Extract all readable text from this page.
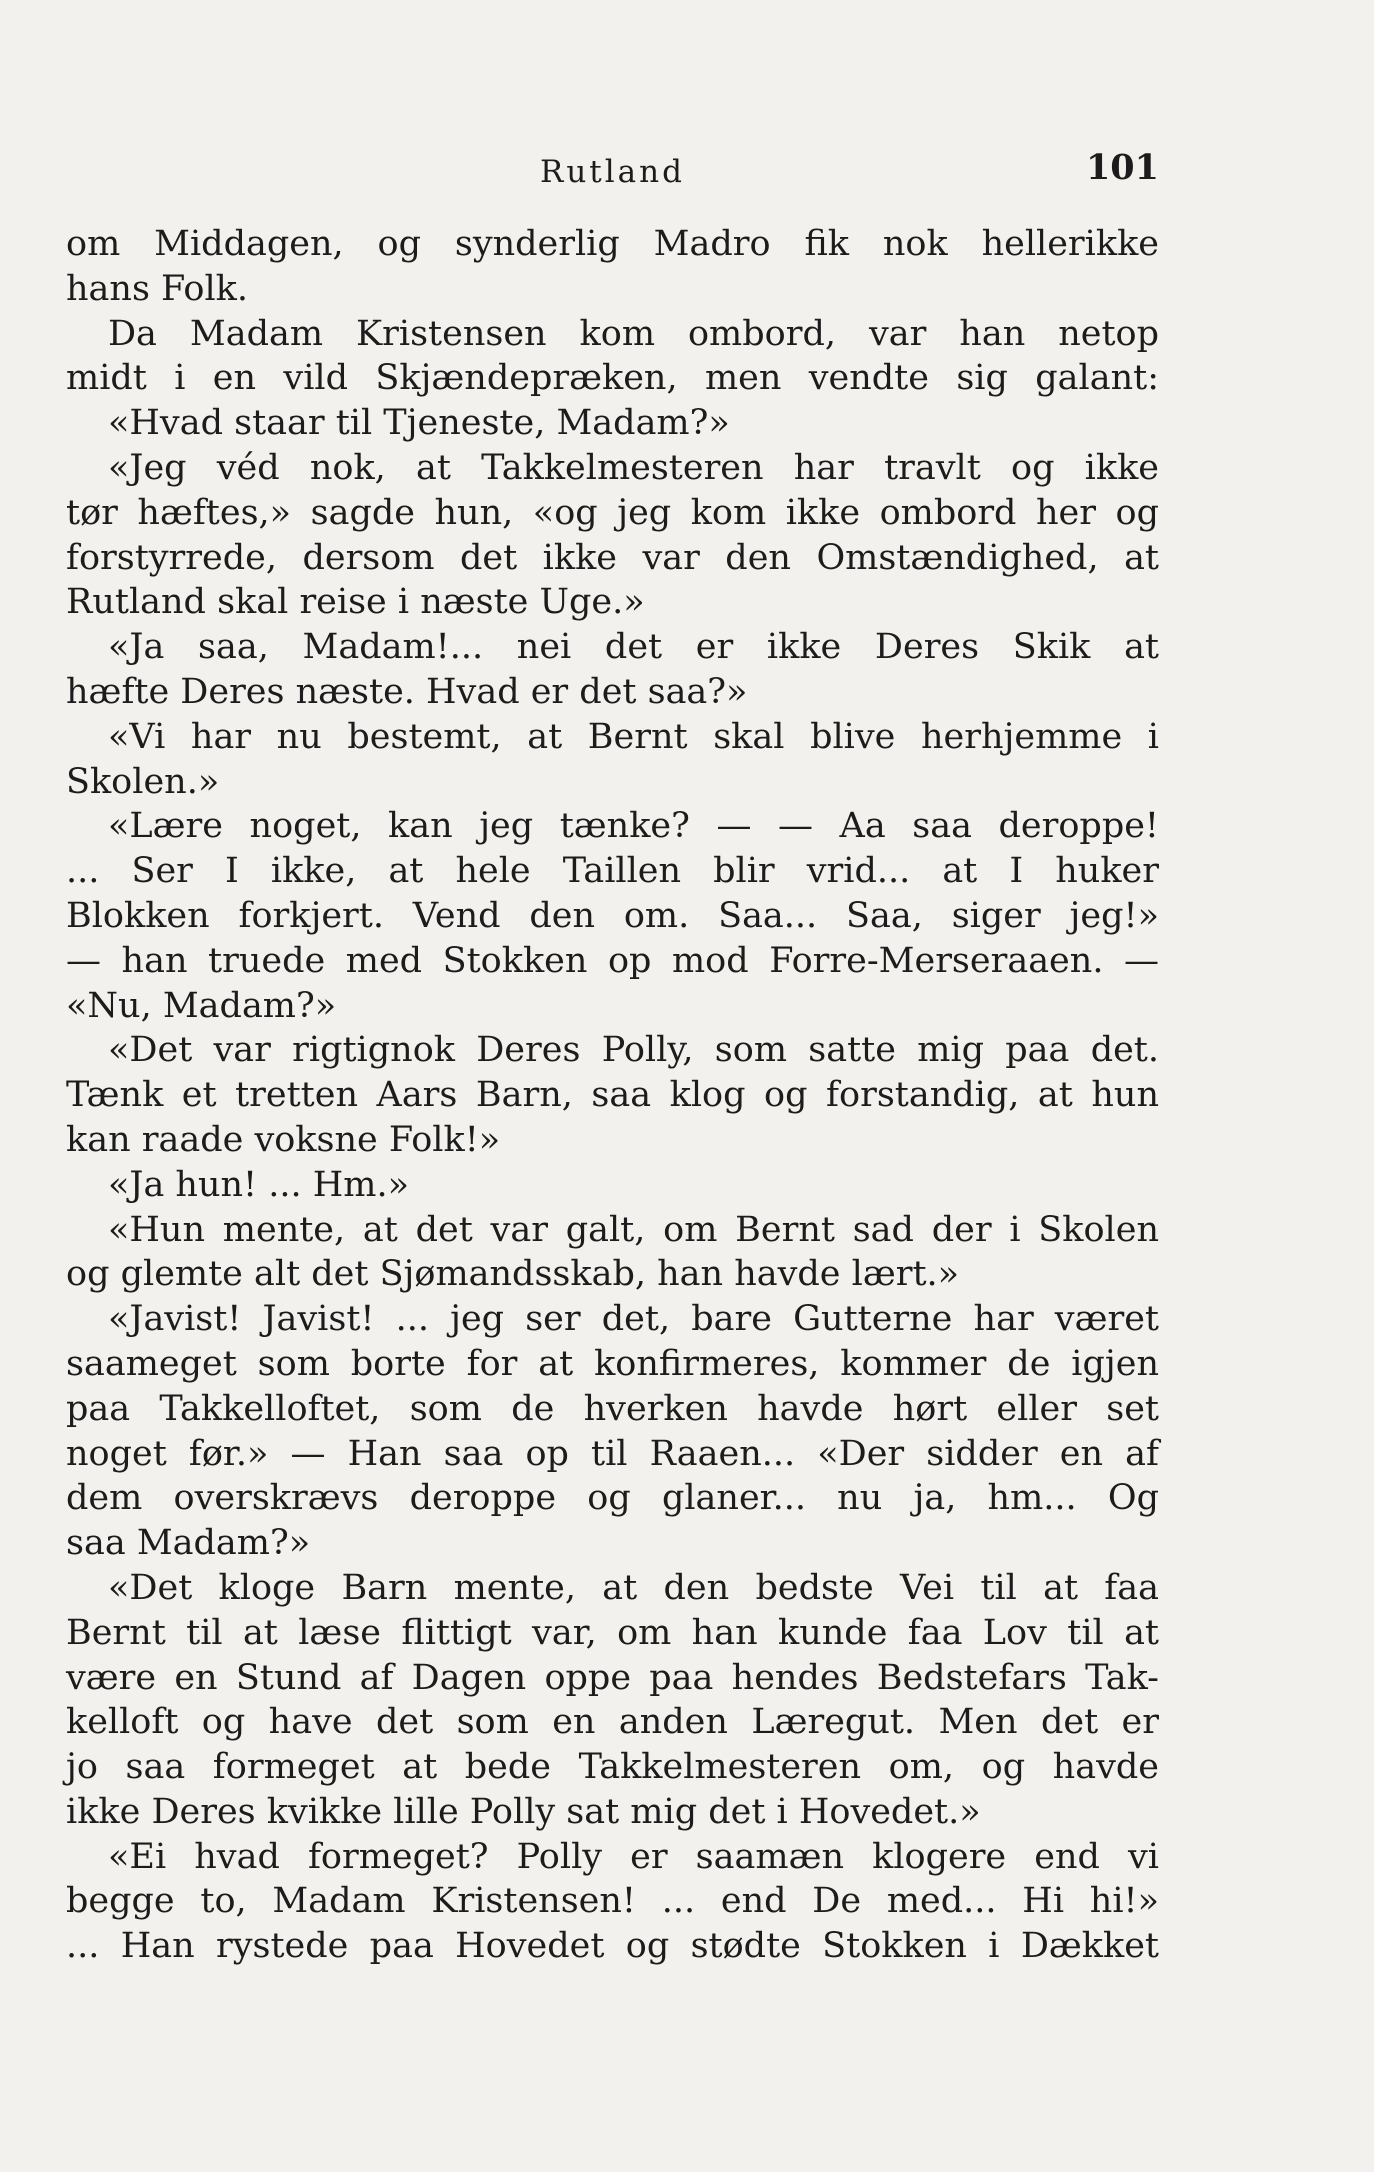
Rutland	101
om Middagen, og synderlig Madro fik nok hellerikke
hans Folk.
Da Madam Kristensen kom ombord, var han netop
midt i en vild Skjændepræken, men vendte sig galant:
«Hvad staar til Tjeneste, Madam?»
«Jeg véd nok, at Takkelmesteren har travlt og ikke
tør hæftes,» sagde hun, «og jeg kom ikke ombord her og
forstyrrede, dersom det ikke var den Omstændighed, at
Rutland skal reise i næste Uge.»
«Ja saa, Madam!... nei det er ikke Deres Skik at
hæfte Deres næste. Hvad er det saa?»
«Vi har nu bestemt, at Bernt skal blive herhjemme i
Skolen.»
«Lære noget, kan jeg tænke? — — Aa saa deroppe!
... Ser I ikke, at hele Taillen blir vrid... at I huker
Blokken forkjert. Vend den om. Saa... Saa, siger jeg!»
— han truede med Stokken op mod Forre-Merseraaen. —
«Nu, Madam?»
«Det var rigtignok Deres Polly, som satte mig paa det.
Tænk et tretten Aars Barn, saa klog og forstandig, at hun
kan raade voksne Folk!»
«Ja hun! ... Hm.»
«Hun mente, at det var galt, om Bernt sad der i Skolen
og glemte alt det Sjømandsskab, han havde lært.»
«Javist! Javist! ... jeg ser det, bare Gutterne har været
saameget som borte for at konfirmeres, kommer de igjen
paa Takkelloftet, som de hverken havde hørt eller set
noget før.» — Han saa op til Raaen... «Der sidder en af
dem overskrævs deroppe og glaner... nu ja, hm... Og
saa Madam?»
«Det kloge Barn mente, at den bedste Vei til at faa
Bernt til at læse flittigt var, om han kunde faa Lov til at
være en Stund af Dagen oppe paa hendes Bedstefars Tak-
kelloft og have det som en anden Læregut. Men det er
jo saa formeget at bede Takkelmesteren om, og havde
ikke Deres kvikke lille Polly sat mig det i Hovedet.»
«Ei hvad formeget? Polly er saamæn klogere end vi
begge to, Madam Kristensen! ... end De med... Hi hi!»
... Han rystede paa Hovedet og stødte Stokken i Dækket
